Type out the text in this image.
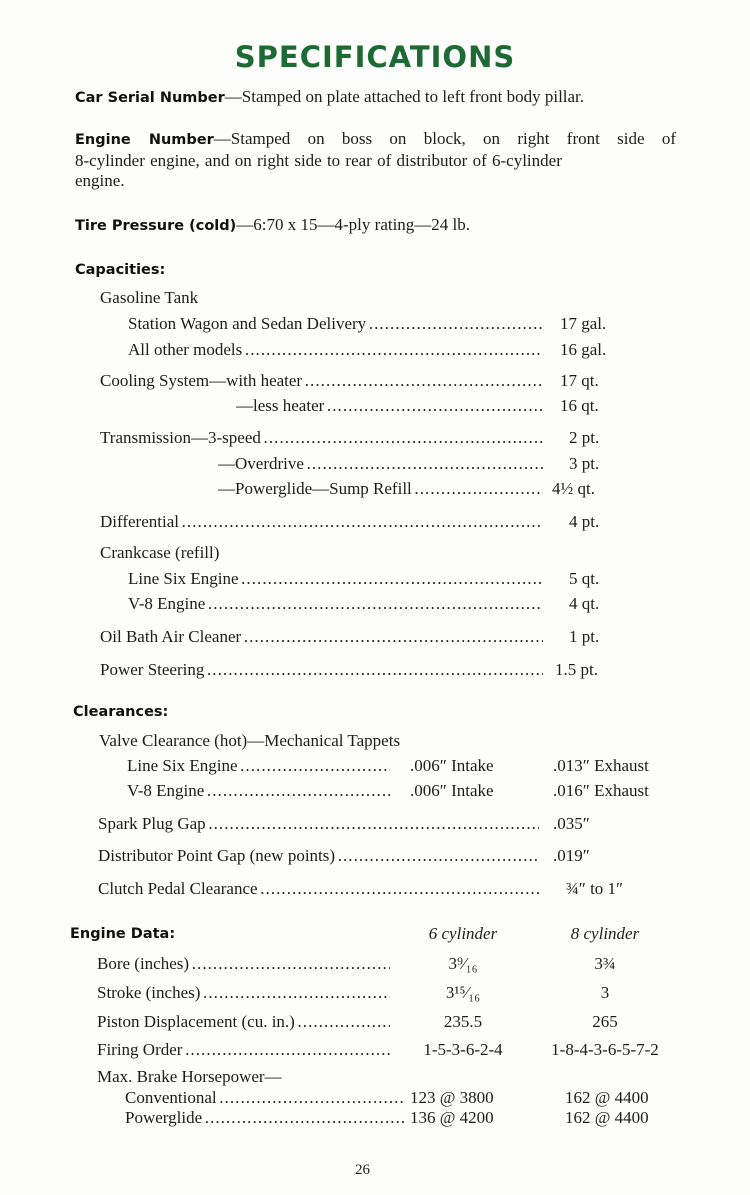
SPECIFICATIONS
Car Serial Number—Stamped on plate attached to left front body pillar.
Engine Number—Stamped on boss on block, on right front side of
8-cylinder engine, and on right side to rear of distributor of 6-cylinder
engine.
Tire Pressure (cold)—6:70 x 15—4-ply rating—24 lb.
Capacities:
Gasoline Tank
Station Wagon and Sedan Delivery . . .	17 gal.
All other models . . .	16 gal.
Cooling System—with heater . . .	17 qt.
—less heater . . .	16 qt.
Transmission—3-speed . . .	2 pt.
—Overdrive . . .	3 pt.
—Powerglide—Sump Refill . . .	4½ qt.
Differential . . .	4 pt.
Crankcase (refill)
Line Six Engine . . .	5 qt.
V-8 Engine . . .	4 qt.
Oil Bath Air Cleaner . . .	1 pt.
Power Steering . . .	1.5 pt.
Clearances:
Valve Clearance (hot)—Mechanical Tappets
Line Six Engine . . .	.006″ Intake	.013″ Exhaust
V-8 Engine . . .	.006″ Intake	.016″ Exhaust
Spark Plug Gap . . .	.035″
Distributor Point Gap (new points) . . .	.019″
Clutch Pedal Clearance . . .	¾″ to 1″
Engine Data:	6 cylinder	8 cylinder
Bore (inches) . . .	3⁹⁄₁₆	3¾
Stroke (inches) . . .	3¹⁵⁄₁₆	3
Piston Displacement (cu. in.) . . .	235.5	265
Firing Order . . .	1-5-3-6-2-4	1-8-4-3-6-5-7-2
Max. Brake Horsepower—
Conventional . . .	123 @ 3800	162 @ 4400
Powerglide . . .	136 @ 4200	162 @ 4400
26
